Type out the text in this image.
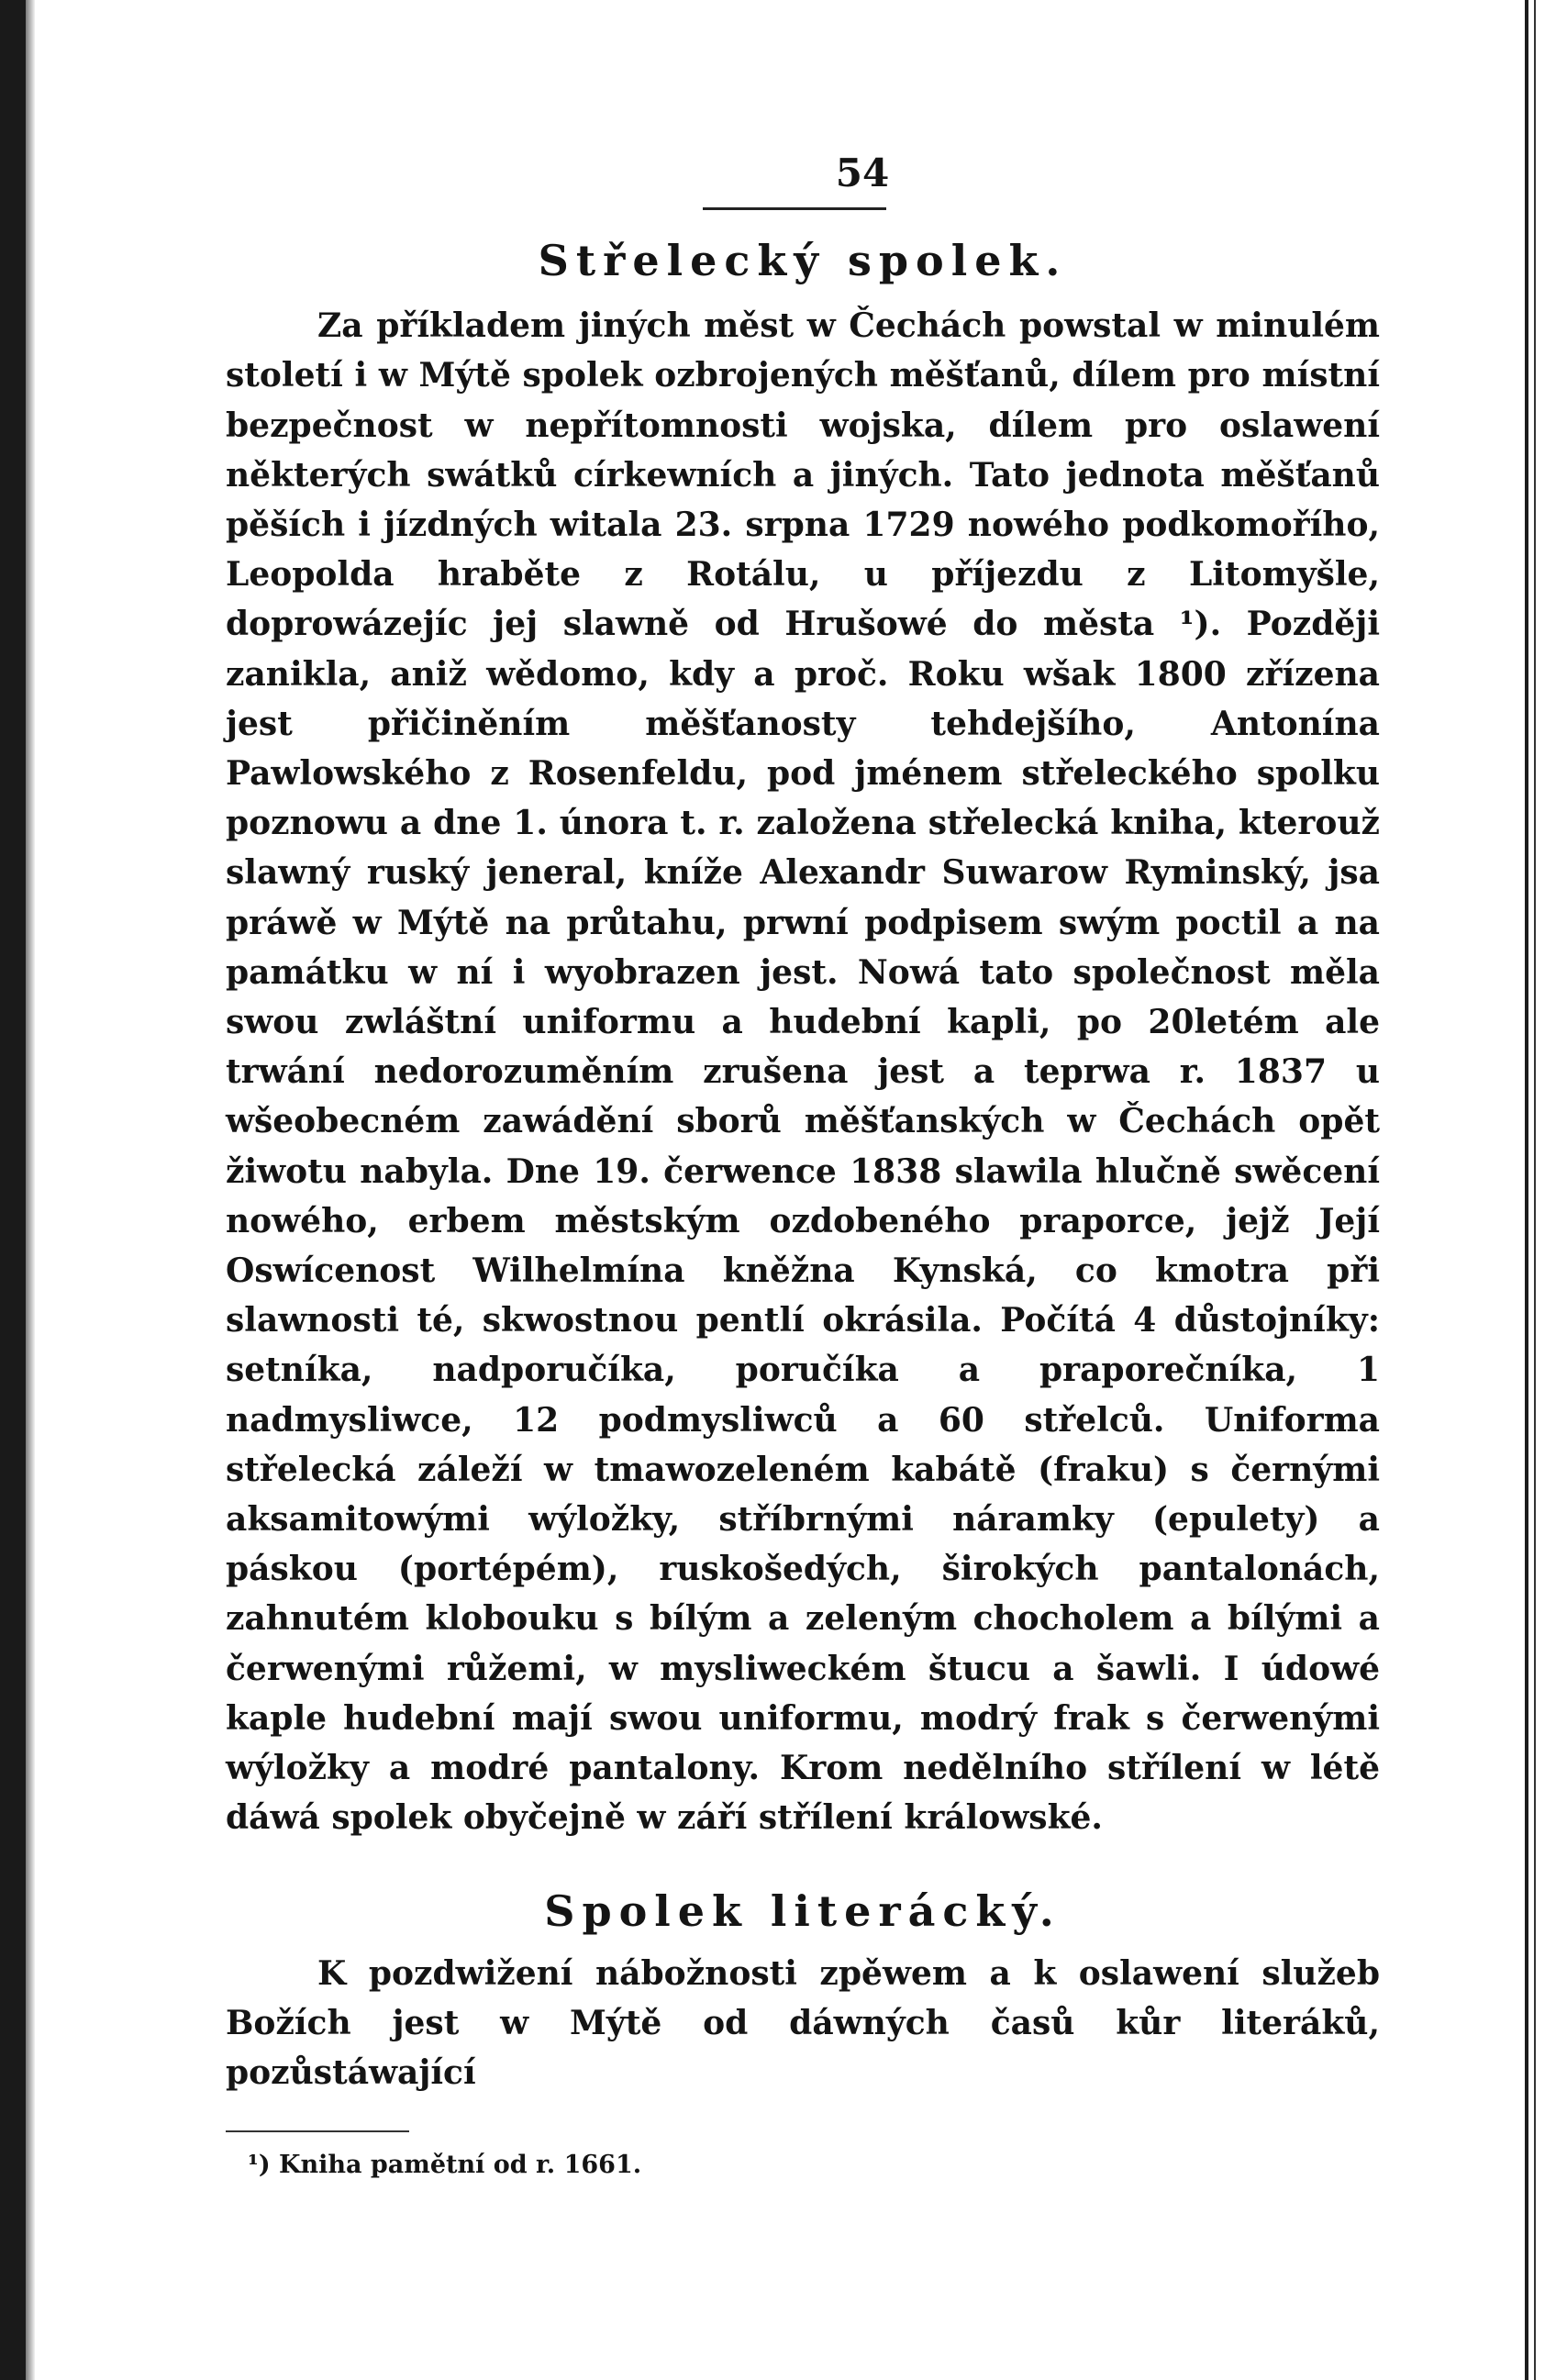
54
Střelecký spolek.

Za příkladem jiných měst w Čechách powstal w minulém století i w Mýtě spolek ozbrojených měšťanů, dílem pro místní bezpečnost w nepřítomnosti wojska, dílem pro oslawení některých swátků církewních a jiných. Tato jednota měšťanů pěších i jízdných witala 23. srpna 1729 nowého podkomořího, Leopolda hraběte z Rotálu, u příjezdu z Litomyšle, doprowázejíc jej slawně od Hrušowé do města ¹). Později zanikla, aniž wědomo, kdy a proč. Roku wšak 1800 zřízena jest přičiněním měšťanosty tehdejšího, Antonína Pawlowského z Rosenfeldu, pod jménem střeleckého spolku poznowu a dne 1. února t. r. založena střelecká kniha, kterouž slawný ruský jeneral, kníže Alexandr Suwarow Ryminský, jsa práwě w Mýtě na průtahu, prwní podpisem swým poctil a na památku w ní i wyobrazen jest. Nowá tato společnost měla swou zwláštní uniformu a hudební kapli, po 20letém ale trwání nedorozuměním zrušena jest a teprwa r. 1837 u wšeobecném zawádění sborů měšťanských w Čechách opět žiwotu nabyla. Dne 19. čerwence 1838 slawila hlučně swěcení nowého, erbem městským ozdobeného praporce, jejž Její Oswícenost Wilhelmína kněžna Kynská, co kmotra při slawnosti té, skwostnou pentlí okrásila. Počítá 4 důstojníky: setníka, nadporučíka, poručíka a praporečníka, 1 nadmysliwce, 12 podmysliwců a 60 střelců. Uniforma střelecká záleží w tmawozeleném kabátě (fraku) s černými aksamitowými wýložky, stříbrnými náramky (epulety) a páskou (portépém), ruskošedých, širokých pantalonách, zahnutém klobouku s bílým a zeleným chocholem a bílými a čerwenými růžemi, w mysliweckém štucu a šawli. I údowé kaple hudební mají swou uniformu, modrý frak s čerwenými wýložky a modré pantalony. Krom nedělního střílení w létě dáwá spolek obyčejně w září střílení králowské.

Spolek literácký.

K pozdwižení nábožnosti zpěwem a k oslawení služeb Božích jest w Mýtě od dáwných časů kůr literáků, pozůstáwající

¹) Kniha pamětní od r. 1661.
